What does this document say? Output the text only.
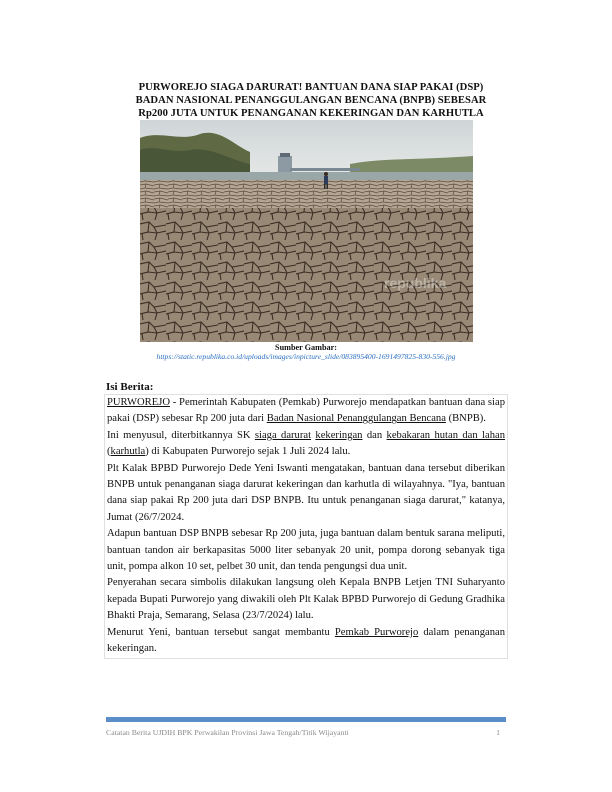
PURWOREJO SIAGA DARURAT! BANTUAN DANA SIAP PAKAI (DSP)
BADAN NASIONAL PENANGGULANGAN BENCANA (BNPB) SEBESAR
Rp200 JUTA UNTUK PENANGANAN KEKERINGAN DAN KARHUTLA
republika
Sumber Gambar:
https://static.republika.co.id/uploads/images/inpicture_slide/083895400-1691497825-830-556.jpg
Isi Berita:

PURWOREJO - Pemerintah Kabupaten (Pemkab) Purworejo mendapatkan bantuan dana siap pakai (DSP) sebesar Rp 200 juta dari Badan Nasional Penanggulangan Bencana (BNPB).

Ini menyusul, diterbitkannya SK siaga darurat kekeringan dan kebakaran hutan dan lahan (karhutla) di Kabupaten Purworejo sejak 1 Juli 2024 lalu.

Plt Kalak BPBD Purworejo Dede Yeni Iswanti mengatakan, bantuan dana tersebut diberikan BNPB untuk penanganan siaga darurat kekeringan dan karhutla di wilayahnya. "Iya, bantuan dana siap pakai Rp 200 juta dari DSP BNPB. Itu untuk penanganan siaga darurat," katanya, Jumat (26/7/2024.

Adapun bantuan DSP BNPB sebesar Rp 200 juta, juga bantuan dalam bentuk sarana meliputi, bantuan tandon air berkapasitas 5000 liter sebanyak 20 unit, pompa dorong sebanyak tiga unit, pompa alkon 10 set, pelbet 30 unit, dan tenda pengungsi dua unit.

Penyerahan secara simbolis dilakukan langsung oleh Kepala BNPB Letjen TNI Suharyanto kepada Bupati Purworejo yang diwakili oleh Plt Kalak BPBD Purworejo di Gedung Gradhika Bhakti Praja, Semarang, Selasa (23/7/2024) lalu.

Menurut Yeni, bantuan tersebut sangat membantu Pemkab Purworejo dalam penanganan kekeringan.

Catatan Berita UJDIH BPK Perwakilan Provinsi Jawa Tengah/Titik Wijayanti	1
